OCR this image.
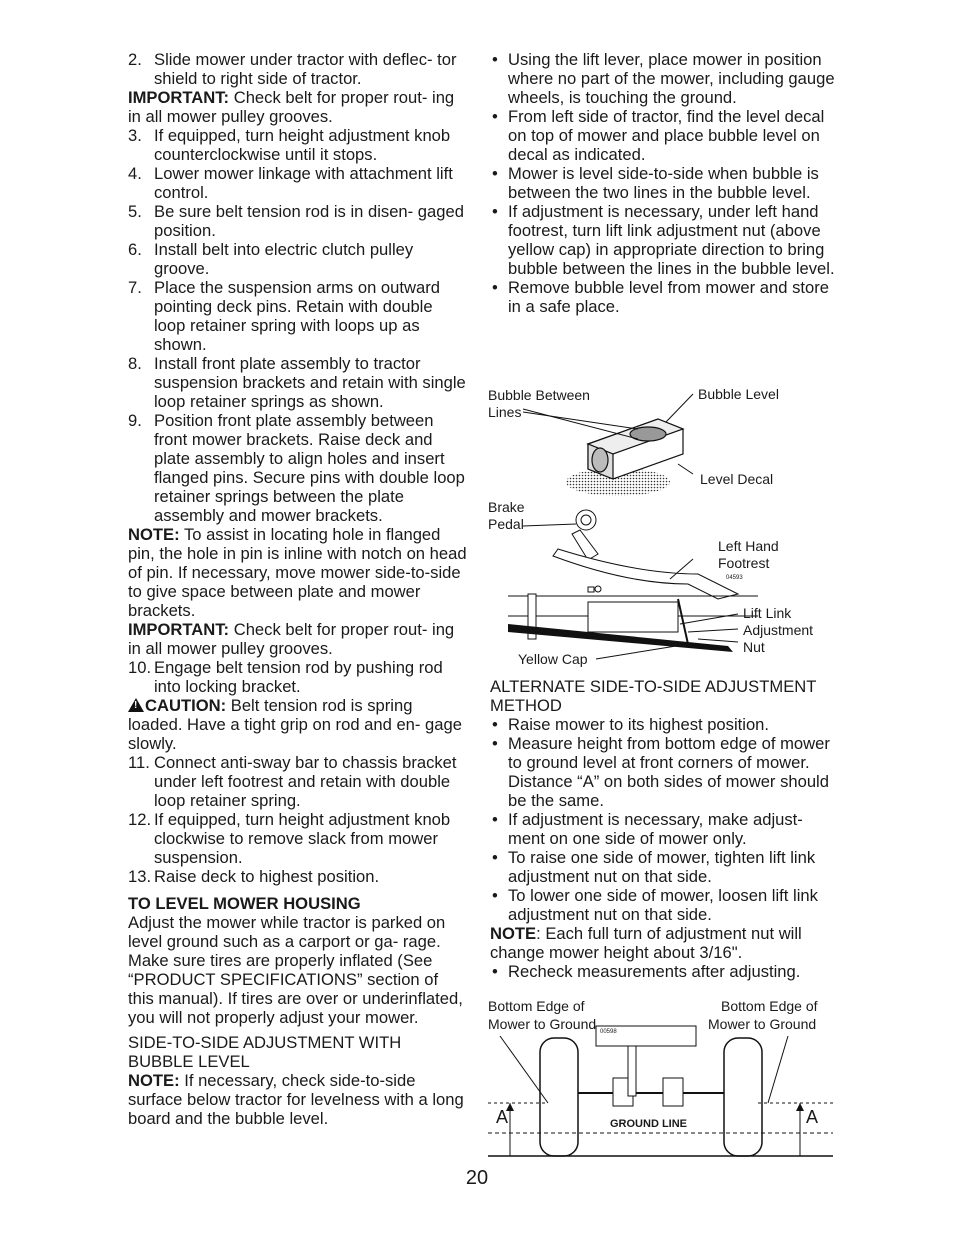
2. Slide mower under tractor with deflec- tor shield to right side of tractor.

IMPORTANT: Check belt for proper rout- ing in all mower pulley grooves.

3. If equipped, turn height adjustment knob counterclockwise until it stops.
4. Lower mower linkage with attachment lift control.
5. Be sure belt tension rod is in disen- gaged position.
6. Install belt into electric clutch pulley groove.
7. Place the suspension arms on outward pointing deck pins. Retain with double loop retainer spring with loops up as shown.
8. Install front plate assembly to tractor suspension brackets and retain with single loop retainer springs as shown.
9. Position front plate assembly between front mower brackets. Raise deck and plate assembly to align holes and insert flanged pins. Secure pins with double loop retainer springs between the plate assembly and mower brackets.

NOTE: To assist in locating hole in flanged pin, the hole in pin is inline with notch on head of pin. If necessary, move mower side-to-side to give space between plate and mower brackets.

IMPORTANT: Check belt for proper rout- ing in all mower pulley grooves.

10. Engage belt tension rod by pushing rod into locking bracket.

!CAUTION: Belt tension rod is spring loaded. Have a tight grip on rod and en- gage slowly.

11. Connect anti-sway bar to chassis bracket under left footrest and retain with double loop retainer spring.
12. If equipped, turn height adjustment knob clockwise to remove slack from mower suspension.
13. Raise deck to highest position.

TO LEVEL MOWER HOUSING

Adjust the mower while tractor is parked on level ground such as a carport or ga- rage. Make sure tires are properly inflated (See “PRODUCT SPECIFICATIONS” section of this manual). If tires are over or underinflated, you will not properly adjust your mower.

SIDE-TO-SIDE ADJUSTMENT WITH BUBBLE LEVEL

NOTE: If necessary, check side-to-side surface below tractor for levelness with a long board and the bubble level.

• Using the lift lever, place mower in position where no part of the mower, including gauge wheels, is touching the ground.
• From left side of tractor, find the level decal on top of mower and place bubble level on decal as indicated.
• Mower is level side-to-side when bubble is between the two lines in the bubble level.
• If adjustment is necessary, under left hand footrest, turn lift link adjustment nut (above yellow cap) in appropriate direction to bring bubble between the lines in the bubble level.
• Remove bubble level from mower and store in a safe place.
Bubble Between
Lines
Bubble Level
Level Decal
Brake
Pedal
Left Hand
Footrest
Lift Link
Adjustment
Nut
Yellow Cap
04593

ALTERNATE SIDE-TO-SIDE ADJUSTMENT METHOD

• Raise mower to its highest position.
• Measure height from bottom edge of mower to ground level at front corners of mower. Distance “A” on both sides of mower should be the same.
• If adjustment is necessary, make adjust- ment on one side of mower only.
• To raise one side of mower, tighten lift link adjustment nut on that side.
• To lower one side of mower, loosen lift link adjustment nut on that side.

NOTE: Each full turn of adjustment nut will change mower height about 3/16".

• Recheck measurements after adjusting.
Bottom Edge of
Mower to Ground
Bottom Edge of
Mower to Ground
GROUND LINE
A	A
00598
20
